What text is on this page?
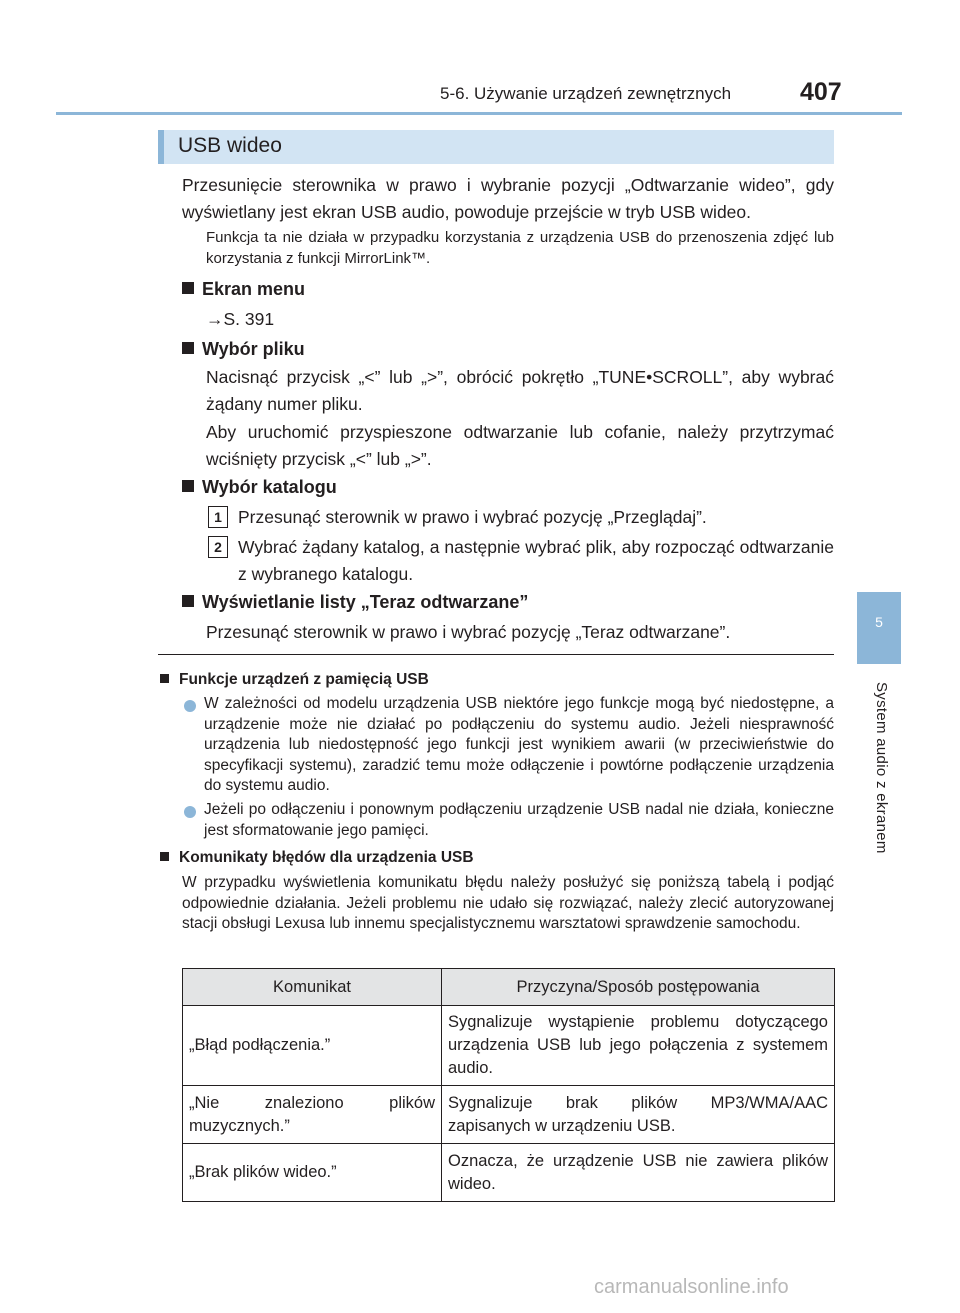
5-6. Używanie urządzeń zewnętrznych	407
5
System audio z ekranem
USB wideo
Przesunięcie sterownika w prawo i wybranie pozycji „Odtwarzanie wideo”, gdy wyświetlany jest ekran USB audio, powoduje przejście w tryb USB wideo.
Funkcja ta nie działa w przypadku korzystania z urządzenia USB do przenoszenia zdjęć lub korzystania z funkcji MirrorLink™.
Ekran menu
→S. 391
Wybór pliku
Nacisnąć przycisk „<” lub „>”, obrócić pokrętło „TUNE•SCROLL”, aby wybrać żądany numer pliku.
Aby uruchomić przyspieszone odtwarzanie lub cofanie, należy przytrzymać wciśnięty przycisk „<” lub „>”.
Wybór katalogu
1 Przesunąć sterownik w prawo i wybrać pozycję „Przeglądaj”.
2 Wybrać żądany katalog, a następnie wybrać plik, aby rozpocząć odtwarzanie z wybranego katalogu.
Wyświetlanie listy „Teraz odtwarzane”
Przesunąć sterownik w prawo i wybrać pozycję „Teraz odtwarzane”.
Funkcje urządzeń z pamięcią USB
W zależności od modelu urządzenia USB niektóre jego funkcje mogą być niedostępne, a urządzenie może nie działać po podłączeniu do systemu audio. Jeżeli niesprawność urządzenia lub niedostępność jego funkcji jest wynikiem awarii (w przeciwieństwie do specyfikacji systemu), zaradzić temu może odłączenie i powtórne podłączenie urządzenia do systemu audio.
Jeżeli po odłączeniu i ponownym podłączeniu urządzenie USB nadal nie działa, konieczne jest sformatowanie jego pamięci.
Komunikaty błędów dla urządzenia USB
W przypadku wyświetlenia komunikatu błędu należy posłużyć się poniższą tabelą i podjąć odpowiednie działania. Jeżeli problemu nie udało się rozwiązać, należy zlecić autoryzowanej stacji obsługi Lexusa lub innemu specjalistycznemu warsztatowi sprawdzenie samochodu.
Komunikat	Przyczyna/Sposób postępowania
„Błąd podłączenia.”	Sygnalizuje wystąpienie problemu dotyczącego urządzenia USB lub jego połączenia z systemem audio.
„Nie znaleziono plików muzycznych.”	Sygnalizuje brak plików MP3/WMA/AAC zapisanych w urządzeniu USB.
„Brak plików wideo.”	Oznacza, że urządzenie USB nie zawiera plików wideo.
carmanualsonline.info
